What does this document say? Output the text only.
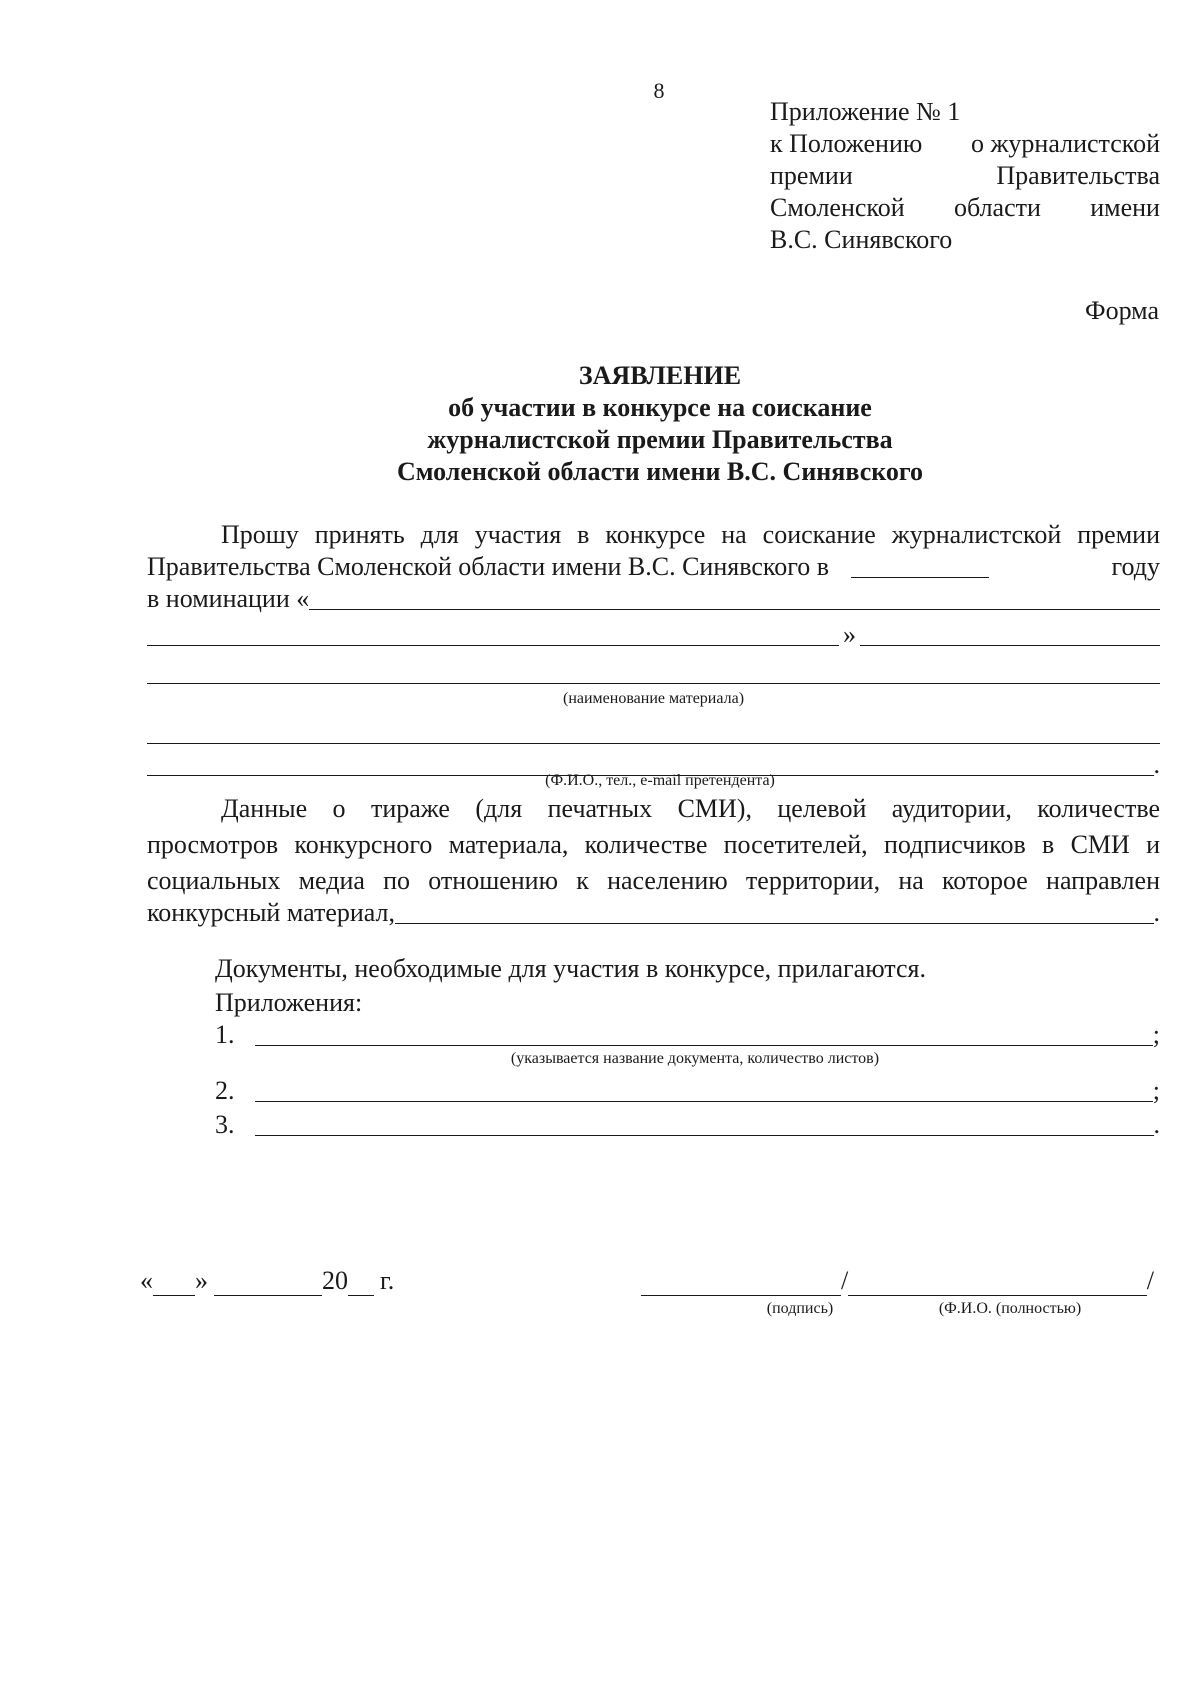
8
Приложение № 1
к Положению о журналистской
премии	Правительства
Смоленской области имени
В.С. Синявского
Форма
ЗАЯВЛЕНИЕ
об участии в конкурсе на соискание
журналистской премии Правительства
Смоленской области имени В.С. Синявского
Прошу принять для участия в конкурсе на соискание журналистской премии
Правительства Смоленской области имени В.С. Синявского в	году
в номинации «
»
(наименование материала)
.
(Ф.И.О., тел., e-mail претендента)
Данные о тираже (для печатных СМИ), целевой аудитории, количестве
просмотров конкурсного материала, количестве посетителей, подписчиков в СМИ и
социальных медиа по отношению к населению территории, на которое направлен
конкурсный материал,	.
Документы, необходимые для участия в конкурсе, прилагаются.
Приложения:
1.	;
(указывается название документа, количество листов)
2.	;
3.	.
« »	20 г.	/	/
(подпись)	(Ф.И.О. (полностью)
